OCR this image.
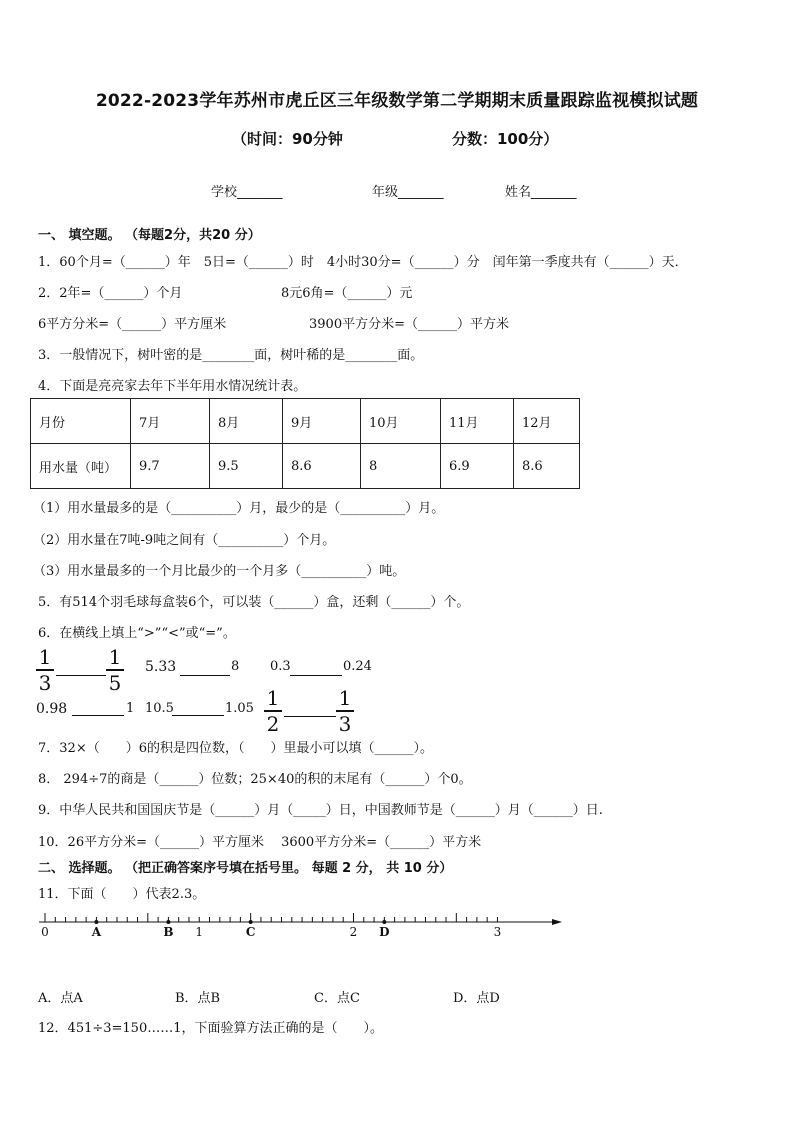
2022-2023学年苏州市虎丘区三年级数学第二学期期末质量跟踪监视模拟试题
（时间：90分钟	分数：100分）
学校_______	年级_______	姓名_______
一、 填空题。 （每题2分，共20 分）
1．60个月=（______）年　5日=（______）时　4小时30分=（______）分　闰年第一季度共有（______）天．
2．2年=（______）个月	8元6角=（______）元
6平方分米=（______）平方厘米	3900平方分米=（______）平方米
3．一般情况下，树叶密的是________面，树叶稀的是________面。
4．下面是亮亮家去年下半年用水情况统计表。
月份	7月	8月	9月	10月	11月	12月
用水量（吨）	9.7	9.5	8.6	8	6.9	8.6
（1）用水量最多的是（__________）月，最少的是（__________）月。
（2）用水量在7吨-9吨之间有（__________）个月。
（3）用水量最多的一个月比最少的一个月多（__________）吨。
5．有514个羽毛球每盒装6个，可以装（______）盒，还剩（______）个。
6．在横线上填上“>”“<”或“=”。
1
3
1
5
5.33	8 0.3	0.24
0.98	1 10.5	1.05 1
2
1
3
7．32×（　　）6的积是四位数，（　　）里最小可以填（______）。
8． 294÷7的商是（______）位数；25×40的积的末尾有（______）个0。
9．中华人民共和国国庆节是（______）月（_____）日，中国教师节是（______）月（______）日.
10．26平方分米=（______）平方厘米　 3600平方分米=（______）平方米
二、 选择题。 （把正确答案序号填在括号里。 每题 2 分， 共 10 分）
11．下面（　　）代表2.3。
0	A	B 1	C	2 D	3
A．点A	B．点B	C．点C	D．点D
12．451÷3=150……1，下面验算方法正确的是（　　）。
